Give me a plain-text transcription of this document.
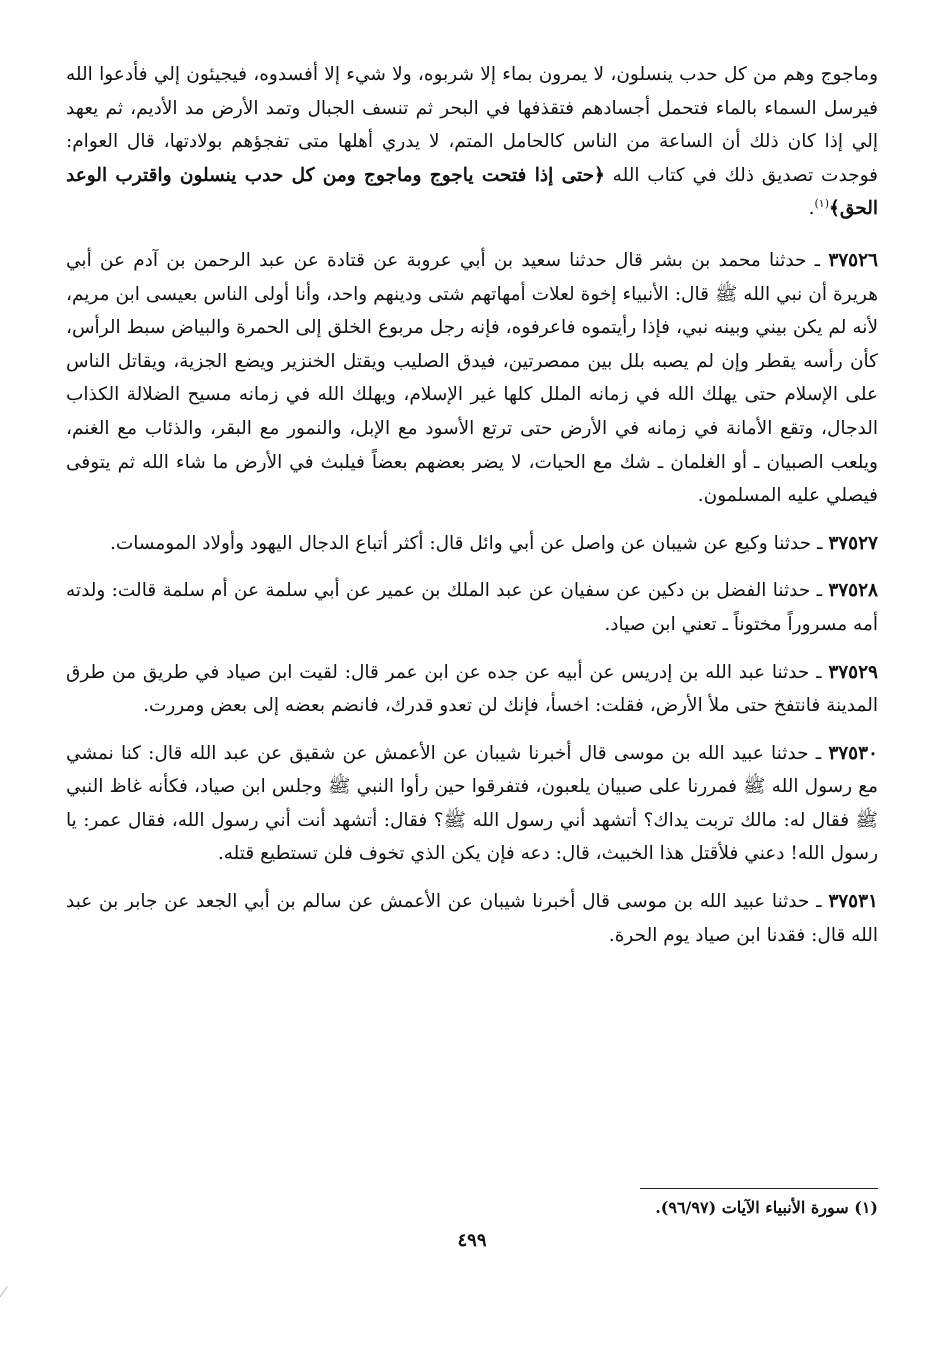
وماجوج وهم من كل حدب ينسلون، لا يمرون بماء إلا شربوه، ولا شيء إلا أفسدوه، فيجيئون إلي فأدعوا الله فيرسل السماء بالماء فتحمل أجسادهم فتقذفها في البحر ثم تنسف الجبال وتمد الأرض مد الأديم، ثم يعهد إلي إذا كان ذلك أن الساعة من الناس كالحامل المتم، لا يدري أهلها متى تفجؤهم بولادتها، قال العوام: فوجدت تصديق ذلك في كتاب الله ﴿حتى إذا فتحت ياجوج وماجوج ومن كل حدب ينسلون واقترب الوعد الحق﴾$^{(١)}$.

٣٧٥٢٦ ـ حدثنا محمد بن بشر قال حدثنا سعيد بن أبي عروبة عن قتادة عن عبد الرحمن بن آدم عن أبي هريرة أن نبي الله ﷺ قال: الأنبياء إخوة لعلات أمهاتهم شتى ودينهم واحد، وأنا أولى الناس بعيسى ابن مريم، لأنه لم يكن بيني وبينه نبي، فإذا رأيتموه فاعرفوه، فإنه رجل مربوع الخلق إلى الحمرة والبياض سبط الرأس، كأن رأسه يقطر وإن لم يصبه بلل بين ممصرتين، فيدق الصليب ويقتل الخنزير ويضع الجزية، ويقاتل الناس على الإسلام حتى يهلك الله في زمانه الملل كلها غير الإسلام، ويهلك الله في زمانه مسيح الضلالة الكذاب الدجال، وتقع الأمانة في زمانه في الأرض حتى ترتع الأسود مع الإبل، والنمور مع البقر، والذئاب مع الغنم، ويلعب الصبيان ـ أو الغلمان ـ شك مع الحيات، لا يضر بعضهم بعضاً فيلبث في الأرض ما شاء الله ثم يتوفى فيصلي عليه المسلمون.

٣٧٥٢٧ ـ حدثنا وكيع عن شيبان عن واصل عن أبي وائل قال: أكثر أتباع الدجال اليهود وأولاد المومسات.

٣٧٥٢٨ ـ حدثنا الفضل بن دكين عن سفيان عن عبد الملك بن عمير عن أبي سلمة عن أم سلمة قالت: ولدته أمه مسروراً مختوناً ـ تعني ابن صياد.

٣٧٥٢٩ ـ حدثنا عبد الله بن إدريس عن أبيه عن جده عن ابن عمر قال: لقيت ابن صياد في طريق من طرق المدينة فانتفخ حتى ملأ الأرض، فقلت: اخسأ، فإنك لن تعدو قدرك، فانضم بعضه إلى بعض ومررت.

٣٧٥٣٠ ـ حدثنا عبيد الله بن موسى قال أخبرنا شيبان عن الأعمش عن شقيق عن عبد الله قال: كنا نمشي مع رسول الله ﷺ فمررنا على صبيان يلعبون، فتفرقوا حين رأوا النبي ﷺ وجلس ابن صياد، فكأنه غاظ النبي ﷺ فقال له: مالك تربت يداك؟ أتشهد أني رسول الله ﷺ؟ فقال: أتشهد أنت أني رسول الله، فقال عمر: يا رسول الله! دعني فلأقتل هذا الخبيث، قال: دعه فإن يكن الذي تخوف فلن تستطيع قتله.

٣٧٥٣١ ـ حدثنا عبيد الله بن موسى قال أخبرنا شيبان عن الأعمش عن سالم بن أبي الجعد عن جابر بن عبد الله قال: فقدنا ابن صياد يوم الحرة.

(١) سورة الأنبياء الآيات (٩٦/٩٧).
٤٩٩
